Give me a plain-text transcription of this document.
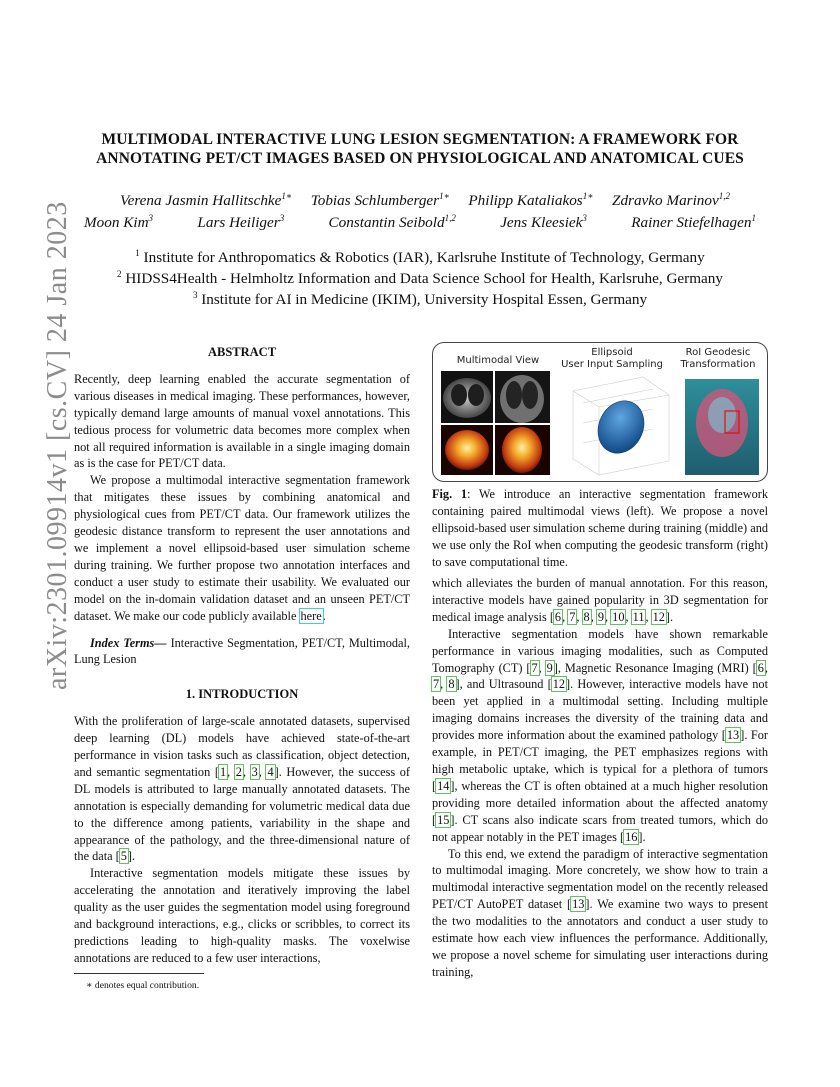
arXiv:2301.09914v1 [cs.CV] 24 Jan 2023
MULTIMODAL INTERACTIVE LUNG LESION SEGMENTATION: A FRAMEWORK FOR
ANNOTATING PET/CT IMAGES BASED ON PHYSIOLOGICAL AND ANATOMICAL CUES
Verena Jasmin Hallitschke$^{1∗}$ Tobias Schlumberger$^{1∗}$ Philipp Kataliakos$^{1∗}$ Zdravko Marinov$^{1,2}$
Moon Kim$^3$	Lars Heiliger$^3$	Constantin Seibold$^{1,2}$	Jens Kleesiek$^3$	Rainer Stiefelhagen$^1$
$^1$ Institute for Anthropomatics & Robotics (IAR), Karlsruhe Institute of Technology, Germany
$^2$ HIDSS4Health - Helmholtz Information and Data Science School for Health, Karlsruhe, Germany
$^3$ Institute for AI in Medicine (IKIM), University Hospital Essen, Germany
ABSTRACT

Recently, deep learning enabled the accurate segmentation of various diseases in medical imaging. These performances, however, typically demand large amounts of manual voxel annotations. This tedious process for volumetric data becomes more complex when not all required information is available in a single imaging domain as is the case for PET/CT data.

We propose a multimodal interactive segmentation framework that mitigates these issues by combining anatomical and physiological cues from PET/CT data. Our framework utilizes the geodesic distance transform to represent the user annotations and we implement a novel ellipsoid-based user simulation scheme during training. We further propose two annotation interfaces and conduct a user study to estimate their usability. We evaluated our model on the in-domain validation dataset and an unseen PET/CT dataset. We make our code publicly available here.

Index Terms— Interactive Segmentation, PET/CT, Multimodal, Lung Lesion

1. INTRODUCTION

With the proliferation of large-scale annotated datasets, supervised deep learning (DL) models have achieved state-of-the-art performance in vision tasks such as classification, object detection, and semantic segmentation [1, 2, 3, 4]. However, the success of DL models is attributed to large manually annotated datasets. The annotation is especially demanding for volumetric medical data due to the difference among patients, variability in the shape and appearance of the pathology, and the three-dimensional nature of the data [5].

Interactive segmentation models mitigate these issues by accelerating the annotation and iteratively improving the label quality as the user guides the segmentation model using foreground and background interactions, e.g., clicks or scribbles, to correct its predictions leading to high-quality masks. The voxelwise annotations are reduced to a few user interactions,

∗ denotes equal contribution.
Multimodal View
Ellipsoid
User Input Sampling
RoI Geodesic
Transformation
Fig. 1: We introduce an interactive segmentation framework containing paired multimodal views (left). We propose a novel ellipsoid-based user simulation scheme during training (middle) and we use only the RoI when computing the geodesic transform (right) to save computational time.

which alleviates the burden of manual annotation. For this reason, interactive models have gained popularity in 3D segmentation for medical image analysis [6, 7, 8, 9, 10, 11, 12].

Interactive segmentation models have shown remarkable performance in various imaging modalities, such as Computed Tomography (CT) [7, 9], Magnetic Resonance Imaging (MRI) [6, 7, 8], and Ultrasound [12]. However, interactive models have not been yet applied in a multimodal setting. Including multiple imaging domains increases the diversity of the training data and provides more information about the examined pathology [13]. For example, in PET/CT imaging, the PET emphasizes regions with high metabolic uptake, which is typical for a plethora of tumors [14], whereas the CT is often obtained at a much higher resolution providing more detailed information about the affected anatomy [15]. CT scans also indicate scars from treated tumors, which do not appear notably in the PET images [16].

To this end, we extend the paradigm of interactive segmentation to multimodal imaging. More concretely, we show how to train a multimodal interactive segmentation model on the recently released PET/CT AutoPET dataset [13]. We examine two ways to present the two modalities to the annotators and conduct a user study to estimate how each view influences the performance. Additionally, we propose a novel scheme for simulating user interactions during training,
